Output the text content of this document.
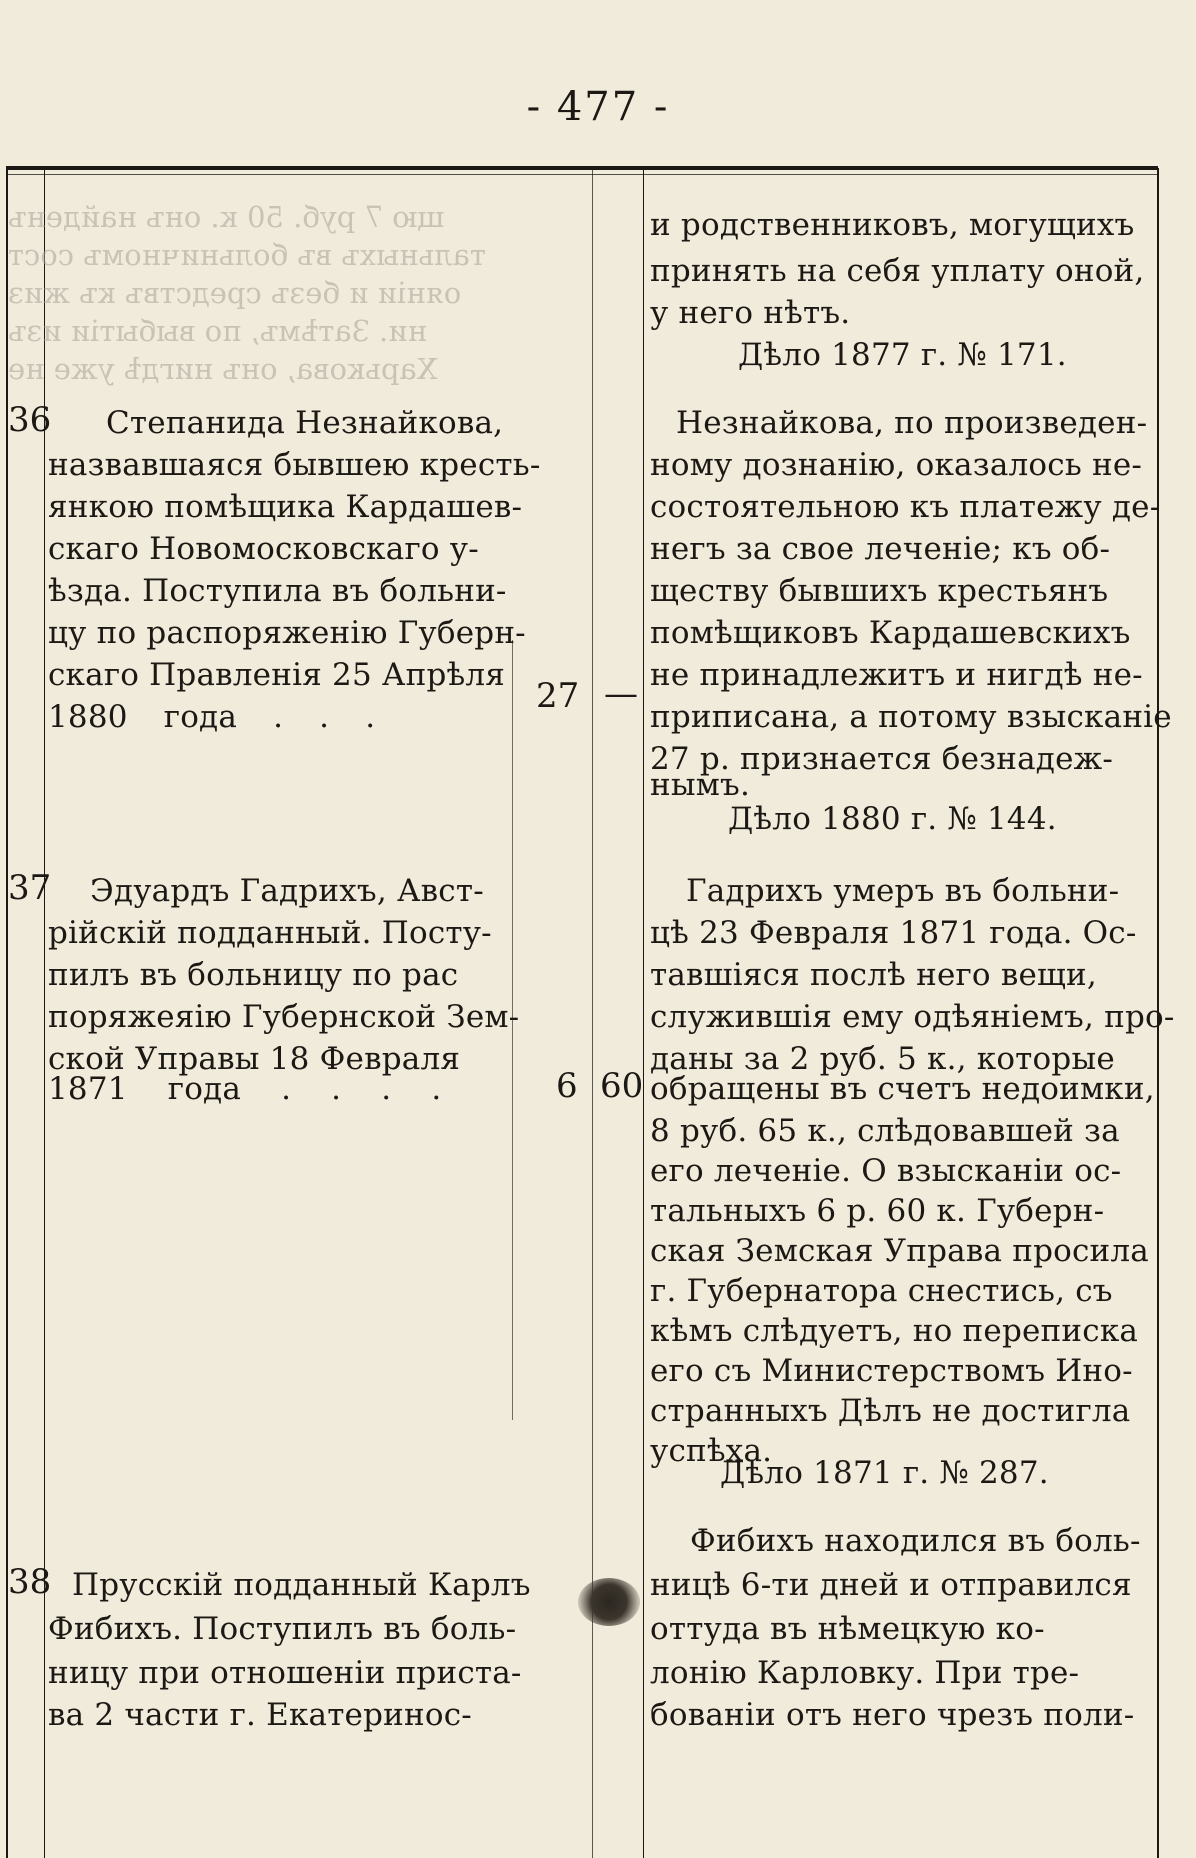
- 477 -
щю 7 руб. 50 к. онъ найденъ
тальныхъ въ больничномъ сост
ояніи и безъ средствъ къ жиз
ни. Затѣмъ, по выбытіи изъ
Харькова, онъ нигдѣ уже не
и родственниковъ, могущихъ
принять на себя уплату оной,
у него нѣтъ.
Дѣло 1877 г. № 171.
36 Степанида Незнайкова,
назвавшаяся бывшею кресть-
янкою помѣщика Кардашев-
скаго Новомосковскаго у-
ѣзда. Поступила въ больни-
цу по распоряженію Губерн-
скаго Правленія 25 Апрѣля
1880 года . . .
27 —
Незнайкова, по произведен-
ному дознанію, оказалось не-
состоятельною къ платежу де-
негъ за свое леченіе; къ об-
ществу бывшихъ крестьянъ
помѣщиковъ Кардашевскихъ
не принадлежитъ и нигдѣ не-
приписана, а потому взысканіе
27 р. признается безнадеж-
нымъ.
Дѣло 1880 г. № 144.
37 Эдуардъ Гадрихъ, Авст-
рійскій подданный. Посту-
пилъ въ больницу по рас
поряжеяію Губернской Зем-
ской Управы 18 Февраля
1871 года . . . .	6 60
Гадрихъ умеръ въ больни-
цѣ 23 Февраля 1871 года. Ос-
тавшіяся послѣ него вещи,
служившія ему одѣяніемъ, про-
даны за 2 руб. 5 к., которые
обращены въ счетъ недоимки,
8 руб. 65 к., слѣдовавшей за
его леченіе. О взысканіи ос-
тальныхъ 6 р. 60 к. Губерн-
ская Земская Управа просила
г. Губернатора снестись, съ
кѣмъ слѣдуетъ, но переписка
его съ Министерствомъ Ино-
странныхъ Дѣлъ не достигла
успѣха.
Дѣло 1871 г. № 287.
38 Прусскій подданный Карлъ
Фибихъ. Поступилъ въ боль-
ницу при отношеніи приста-
ва 2 части г. Екатеринос-
Фибихъ находился въ боль-
ницѣ 6-ти дней и отправился
оттуда въ нѣмецкую ко-
лонію Карловку. При тре-
бованіи отъ него чрезъ поли-
